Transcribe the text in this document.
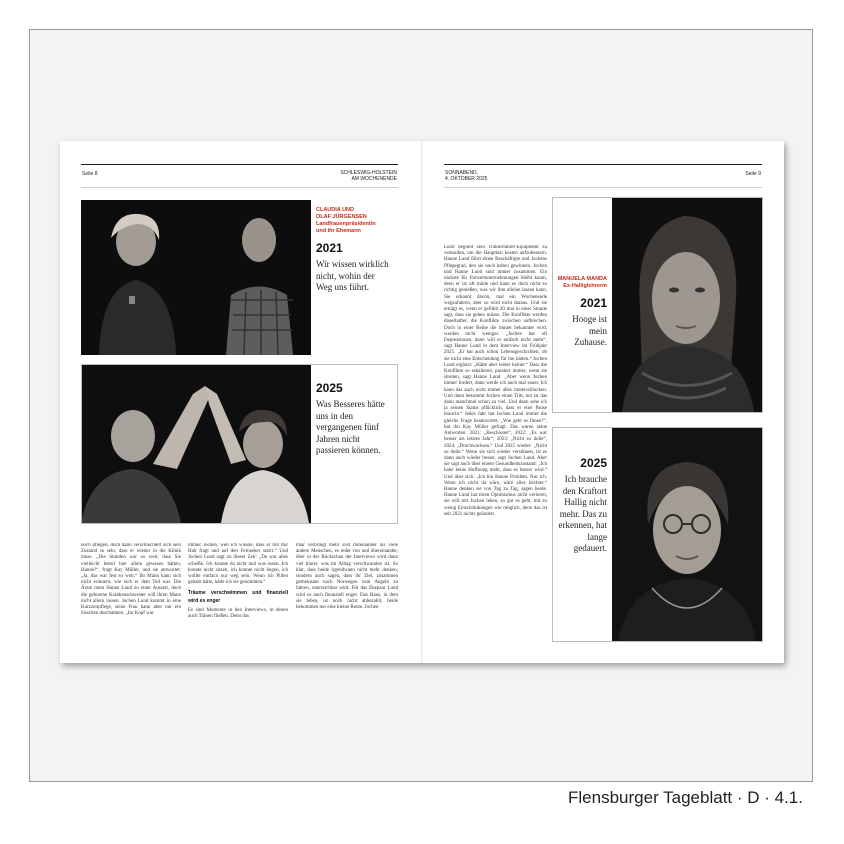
Seite 8	SCHLESWIG-HOLSTEIN
AM WOCHENENDE
CLAUDIA UND
OLAF JÜRGENSEN
Landfrauenpräsidentin
und ihr Ehemann
2021
Wir wissen wirklich nicht, wohin der Weg uns führt.
2025
Was Besseres hätte uns in den vergangenen fünf Jahren nicht passieren können.
noch pflegen, doch dann verschlechtert sich sein Zustand so sehr, dass er wieder in die Klinik muss. „Die Stunden war so weit, dass Sie vielleicht bereit hier allein gewesen hätten, Hanne?“, fragt Kay Müller, und sie antwortet: „Ja, das war fest so weit.“ Ihr Mann kann sich nicht erinnern, wie sich er dem Tod war. Die Ärzte raten Hanne Lund zu einer Auszeit, doch die geborene Krankenschwester will ihren Mann nicht allein lassen. Jochen Lund kommt in eine Kurzzeitpflege, seine Frau kann aber nur ein bisschen durchatmen. „Im Kopf war
immer Jochen, weil ich wusste, dass er mit mir Halt fragt und auf den Fernseher starrt.“ Und Jochen Lund sagt zu dieser Zeit: „Da war alles scheiße. Ich konnte da nicht mal was essen. Ich konnte nicht sitzen, ich konnte nicht liegen, ich wollte einfach nur weg sein. Wenn ich Pillen gehabt hätte, hätte ich sie genommen.“
Träume verschwimmen und finanziell wird es enger
Es sind Momente in den Interviews, in denen auch Tränen fließen. Denn das
Paar verbringt mehr Zeit miteinander als viele andere Menschen, es redet von und übereinander, über in der Rückschau der Interviews wird dann viel klarer, was im Alltag verschwunden ist. So klar, dass beide irgendwann nicht mehr denken, sondern auch sagen, dass ihr Ziel, zusammen gemeinsam nach Norwegen zum Angeln zu fahren, unerreichbar wird. Für das Ehepaar Lund wird es auch finanziell enger. Das Haus, in dem sie leben, ist noch nicht abbezahlt, beide bekommen nur eine kleine Rente. Jochen
SONNABEND,
4. OKTOBER 2025
Seite 9
Lund beginnt sein Traktorfahrer-Equipment zu verkaufen, um die Hauptlast kosten aufzubessern. Hanne Lund führt einen Beschäftigte und Jochens Pflegegrad, den sie noch haben gewinnen. Jochen und Hanne Lund sind immer zusammen. Ein nächste für Freizeitunternehmungen bleibt kaum, denn er ist oft müde und kann es doch nicht so richtig genießen, was wir ihm alleine lassen kann. Sie erkannt davon, mal ein Wochenende wegzufahren, aber so wird nicht daraus. Und sie erträgt es, wenn er gefühlt 20 mal in einer Stunde sagt, dass sie gehen müsse. Die Konflikte werden dauerhafter, die Konflikte zwischen aufbrechen. Doch in einer Reihe die immer bekannter wird, werden nicht weniger. „Jochen hat oft Depressionen, dann will er einfach nicht mehr“, sagt Hanne Lund in dem Interview im Frühjahr 2025. „Er hat auch schon Lebensgeschichten, ob sie nicht eine Entscheidung für ihn hätten.“ Jochen Lund ergänzt: „Hätte aber leider keiner.“ Dass die Konflikte so eskalieren, passiert immer, wenn sie streiten, sagt Hanne Lund. „Aber wenn Jochen immer fordert, dann werde ich auch mal sauer. Ich kann das auch nicht immer alles runterschlucken. Und dann bekommt Jochen einen Tritt, nur ist das dann manchmal schon zu viel. Und dann sehe ich ja seinen Status pflücklich, dass er eine Pause braucht.“ Jedes Jahr hat Jochen Lund immer die gleiche Frage beantwortet: „Wie geht es Ihnen?“, hat ihn Kay Müller gefragt. Das waren seine Antworten: 2021: „Beschissen“, 2022: „Es war besser als letztes Jahr“, 2023: „Nicht so dolle“, 2024: „Durchwachsen.“ Und 2025 wieder: „Nicht so dolle.“ Wenn sie sich wieder versöhnen, ist es dann auch wieder besser, sagt Jochen Lund. Aber sie sagt auch über einem Gesundheitszustand: „Ich habe keine Hoffnung mehr, dass es besser wird.“ Und über sich: „Ich bin Hanne Problem. Nur ich. Wenn ich nicht da wäre, wäre alles leichter.“ Hanne denken sie von Tag zu Tag, sagen beide. Hanne Lund hat ihren Optimismus nicht verloren, sie will mit Jochen leben, so gut es geht, mit so wenig Einschränkungen wie möglich, denn das ist seit 2021 nichts geändert.
MANUELA MANDA
Ex-Halliglehrerin
2021
Hooge ist mein Zuhause.
2025
Ich brauche den Kraftort Hallig nicht mehr. Das zu erkennen, hat lange gedauert.
Flensburger Tageblatt · D · 4.1.
